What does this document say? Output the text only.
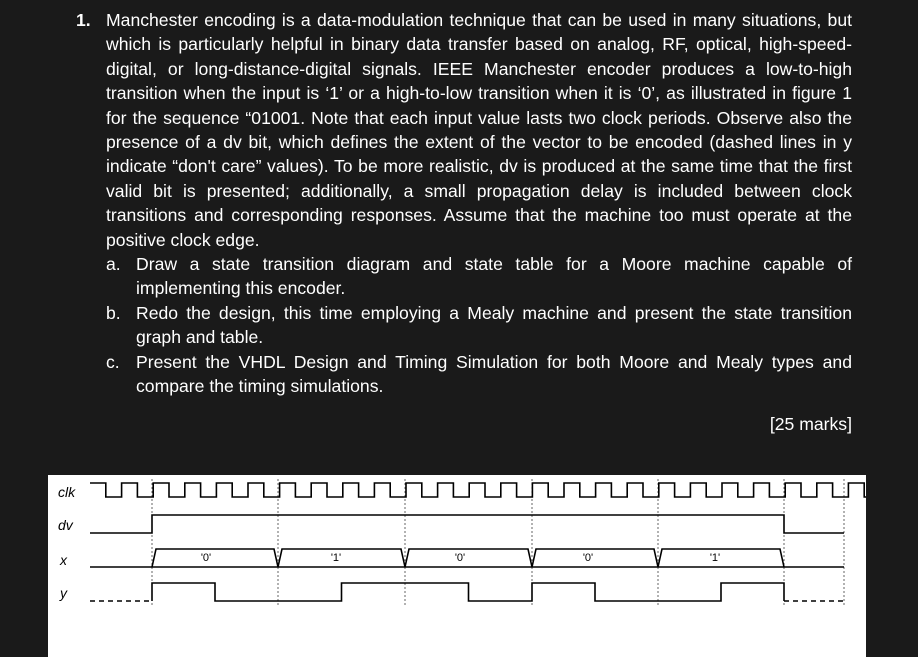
1. Manchester encoding is a data-modulation technique that can be used in many situations, but which is particularly helpful in binary data transfer based on analog, RF, optical, high-speed-digital, or long-distance-digital signals. IEEE Manchester encoder produces a low-to-high transition when the input is ‘1’ or a high-to-low transition when it is ‘0’, as illustrated in figure 1 for the sequence “01001. Note that each input value lasts two clock periods. Observe also the presence of a dv bit, which defines the extent of the vector to be encoded (dashed lines in y indicate “don't care” values). To be more realistic, dv is produced at the same time that the first valid bit is presented; additionally, a small propagation delay is included between clock transitions and corresponding responses. Assume that the machine too must operate at the positive clock edge.
a. Draw a state transition diagram and state table for a Moore machine capable of implementing this encoder.
b. Redo the design, this time employing a Mealy machine and present the state transition graph and table.
c. Present the VHDL Design and Timing Simulation for both Moore and Mealy types and compare the timing simulations.
[25 marks]
clk
dv
x
y
'0'	'1'	'0'	'0'	'1'
Figure 1: Manchester Encoding
